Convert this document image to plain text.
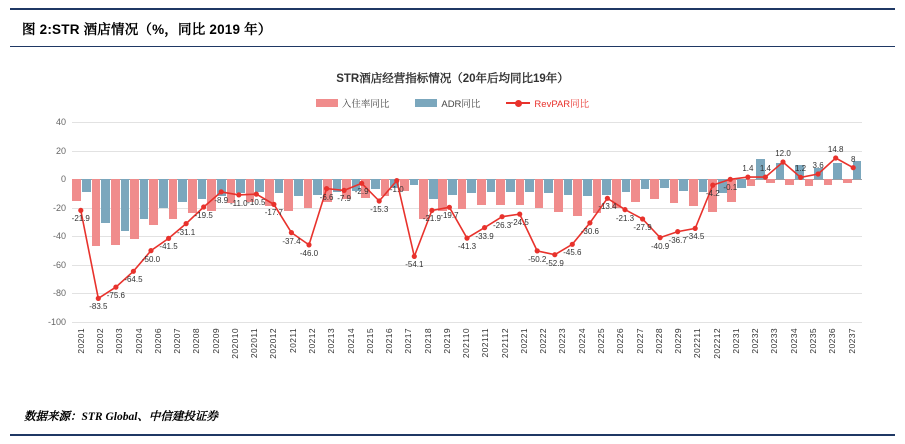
图 2:STR 酒店情况（%，同比 2019 年）
STR酒店经营指标情况（20年后均同比19年）
入住率同比	ADR同比	RevPAR同比
40
20
0
-20
-40
-60
-80
-100
-21.9
-83.5
-75.6
-64.5
-50.0
-41.5
-31.1
-19.5
-8.9 -11.0 -10.5
-17.7
-37.4
-46.0
-6.6 -7.9
-2.9
-15.3
-1.0
-54.1
-21.9 -19.7
-41.3
-33.9
-26.3 -24.5
-50.2 -52.9
-45.6
-30.6
-13.4
-21.3
-27.9
-40.9
-36.7 -34.5
-4.2
-0.1
1.4 1.4
12.0
1.2 3.6
14.8
8
20201 20202 20203 20204 20206 20207 20208 20209 202010 202011 202012 20211 20212 20213 20214 20215 20216 20217 20218 20219 202110 202111 202112 20221 20222 20223 20224 20225 20226 20227 20228 20229 202211 202212 20231 20232 20233 20234 20235 20236 20237
数据来源：STR Global、中信建投证券
